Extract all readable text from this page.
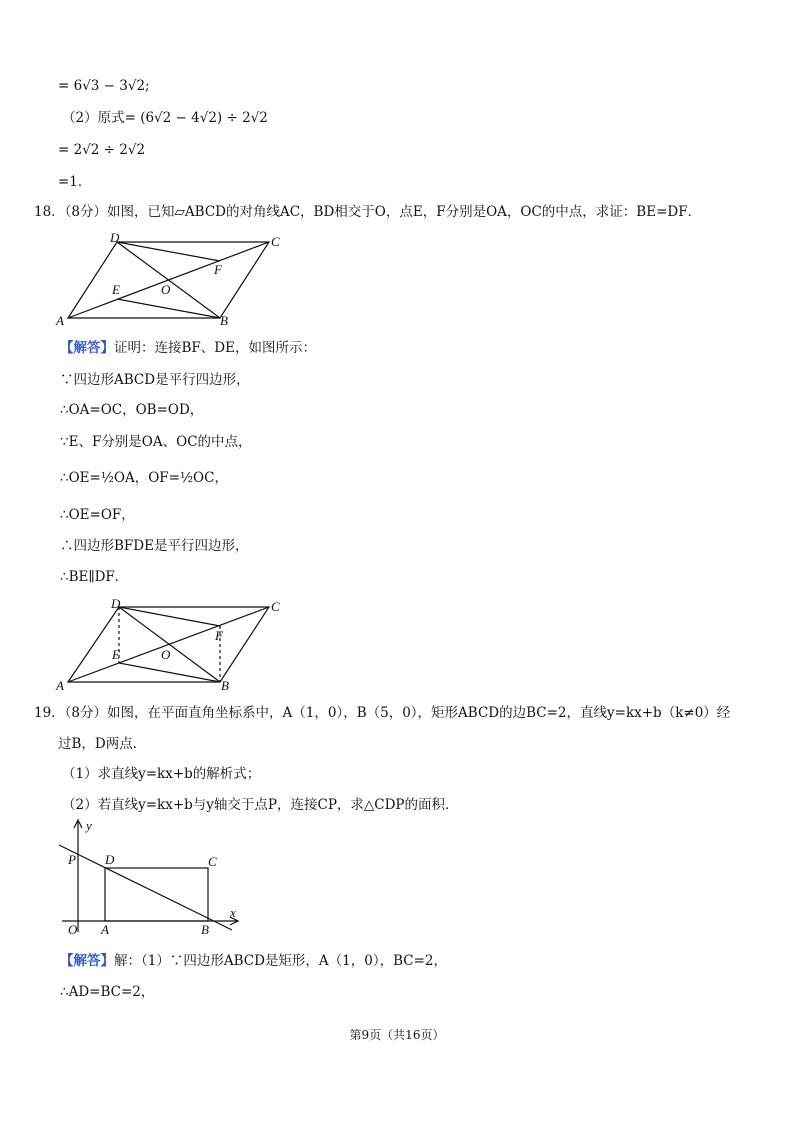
= 6√3 − 3√2;
（2）原式= (6√2 − 4√2) ÷ 2√2
= 2√2 ÷ 2√2
=1．
18．（8分）如图，已知▱ABCD的对角线AC，BD相交于O，点E，F分别是OA，OC的中点，求证：BE=DF．
D	C
A	B
E
F
O
【解答】证明：连接BF、DE，如图所示：
∵四边形ABCD是平行四边形，
∴OA=OC，OB=OD，
∵E、F分别是OA、OC的中点，
∴OE=½OA，OF=½OC，
∴OE=OF，
∴四边形BFDE是平行四边形，
∴BE∥DF．
D	C
A	B
E
F
O
19．（8分）如图，在平面直角坐标系中，A（1，0），B（5，0），矩形ABCD的边BC=2，直线y=kx+b（k≠0）经
过B，D两点．
（1）求直线y=kx+b的解析式；
（2）若直线y=kx+b与y轴交于点P，连接CP，求△CDP的面积．
y
x
O A	B
C
D
P
【解答】解：（1）∵四边形ABCD是矩形，A（1，0），BC=2，
∴AD=BC=2，
第9页（共16页）
